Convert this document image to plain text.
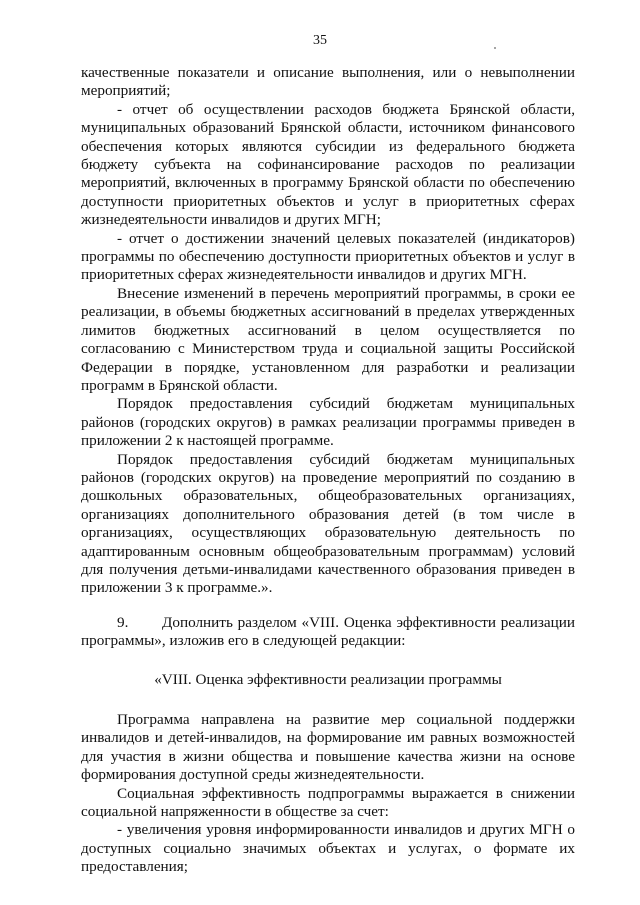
35

качественные показатели и описание выполнения, или о невыполнении мероприятий;

- отчет об осуществлении расходов бюджета Брянской области, муниципальных образований Брянской области, источником финансового обеспечения которых являются субсидии из федерального бюджета бюджету субъекта на софинансирование расходов по реализации мероприятий, включенных в программу Брянской области по обеспечению доступности приоритетных объектов и услуг в приоритетных сферах жизнедеятельности инвалидов и других МГН;

- отчет о достижении значений целевых показателей (индикаторов) программы по обеспечению доступности приоритетных объектов и услуг в приоритетных сферах жизнедеятельности инвалидов и других МГН.

Внесение изменений в перечень мероприятий программы, в сроки ее реализации, в объемы бюджетных ассигнований в пределах утвержденных лимитов бюджетных ассигнований в целом осуществляется по согласованию с Министерством труда и социальной защиты Российской Федерации в порядке, установленном для разработки и реализации программ в Брянской области.

Порядок предоставления субсидий бюджетам муниципальных районов (городских округов) в рамках реализации программы приведен в приложении 2 к настоящей программе.

Порядок предоставления субсидий бюджетам муниципальных районов (городских округов) на проведение мероприятий по созданию в дошкольных образовательных, общеобразовательных организациях, организациях дополнительного образования детей (в том числе в организациях, осуществляющих образовательную деятельность по адаптированным основным общеобразовательным программам) условий для получения детьми-инвалидами качественного образования приведен в приложении 3 к программе.».

9.       Дополнить разделом «VIII. Оценка эффективности реализации программы», изложив его в следующей редакции:

«VIII. Оценка эффективности реализации программы

Программа направлена на развитие мер социальной поддержки инвалидов и детей-инвалидов, на формирование им равных возможностей для участия в жизни общества и повышение качества жизни на основе формирования доступной среды жизнедеятельности.

Социальная эффективность подпрограммы выражается в снижении социальной напряженности в обществе за счет:

- увеличения уровня информированности инвалидов и других МГН о доступных социально значимых объектах и услугах, о формате их предоставления;
